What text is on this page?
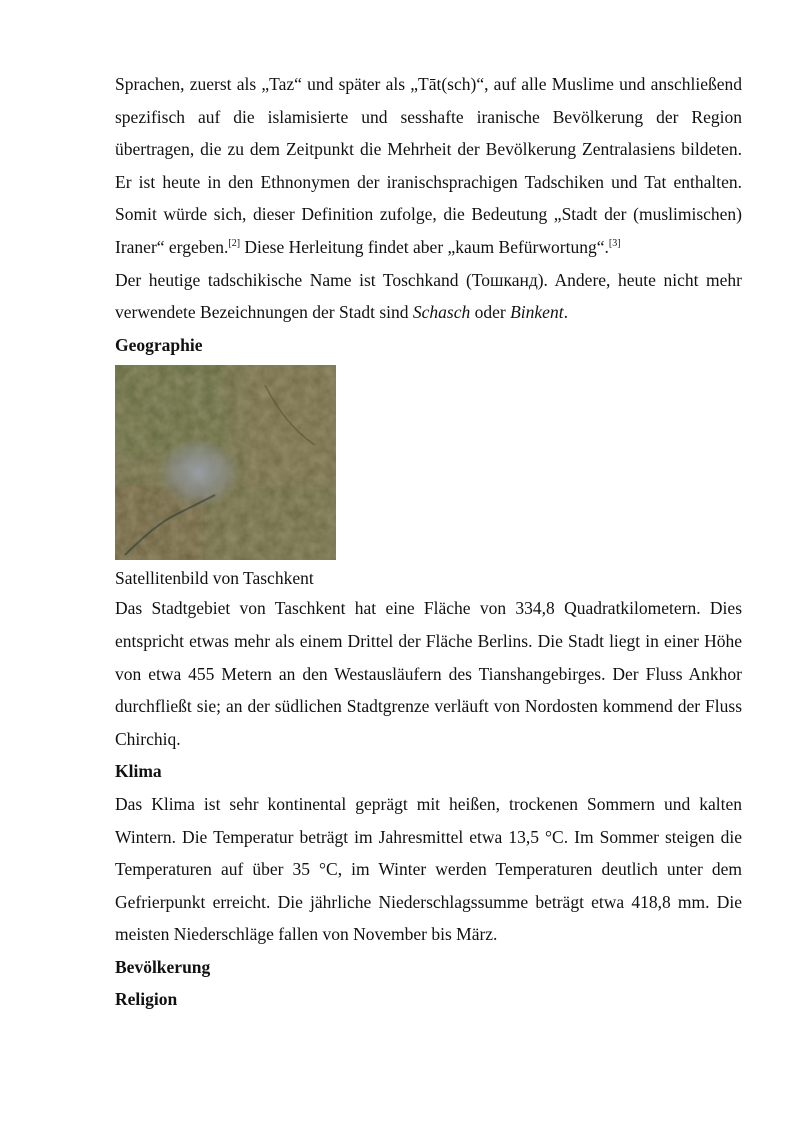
Sprachen, zuerst als „Taz“ und später als „Tāt(sch)“, auf alle Muslime und anschließend spezifisch auf die islamisierte und sesshafte iranische Bevölkerung der Region übertragen, die zu dem Zeitpunkt die Mehrheit der Bevölkerung Zentralasiens bildeten. Er ist heute in den Ethnonymen der iranischsprachigen Tadschiken und Tat enthalten. Somit würde sich, dieser Definition zufolge, die Bedeutung „Stadt der (muslimischen) Iraner“ ergeben.[2] Diese Herleitung findet aber „kaum Befürwortung“.[3]

Der heutige tadschikische Name ist Toschkand (Тошканд). Andere, heute nicht mehr verwendete Bezeichnungen der Stadt sind Schasch oder Binkent.

Geographie

Satellitenbild von Taschkent

Das Stadtgebiet von Taschkent hat eine Fläche von 334,8 Quadratkilometern. Dies entspricht etwas mehr als einem Drittel der Fläche Berlins. Die Stadt liegt in einer Höhe von etwa 455 Metern an den Westausläufern des Tianshangebirges. Der Fluss Ankhor durchfließt sie; an der südlichen Stadtgrenze verläuft von Nordosten kommend der Fluss Chirchiq.

Klima

Das Klima ist sehr kontinental geprägt mit heißen, trockenen Sommern und kalten Wintern. Die Temperatur beträgt im Jahresmittel etwa 13,5 °C. Im Sommer steigen die Temperaturen auf über 35 °C, im Winter werden Temperaturen deutlich unter dem Gefrierpunkt erreicht. Die jährliche Niederschlagssumme beträgt etwa 418,8 mm. Die meisten Niederschläge fallen von November bis März.

Bevölkerung
Religion
